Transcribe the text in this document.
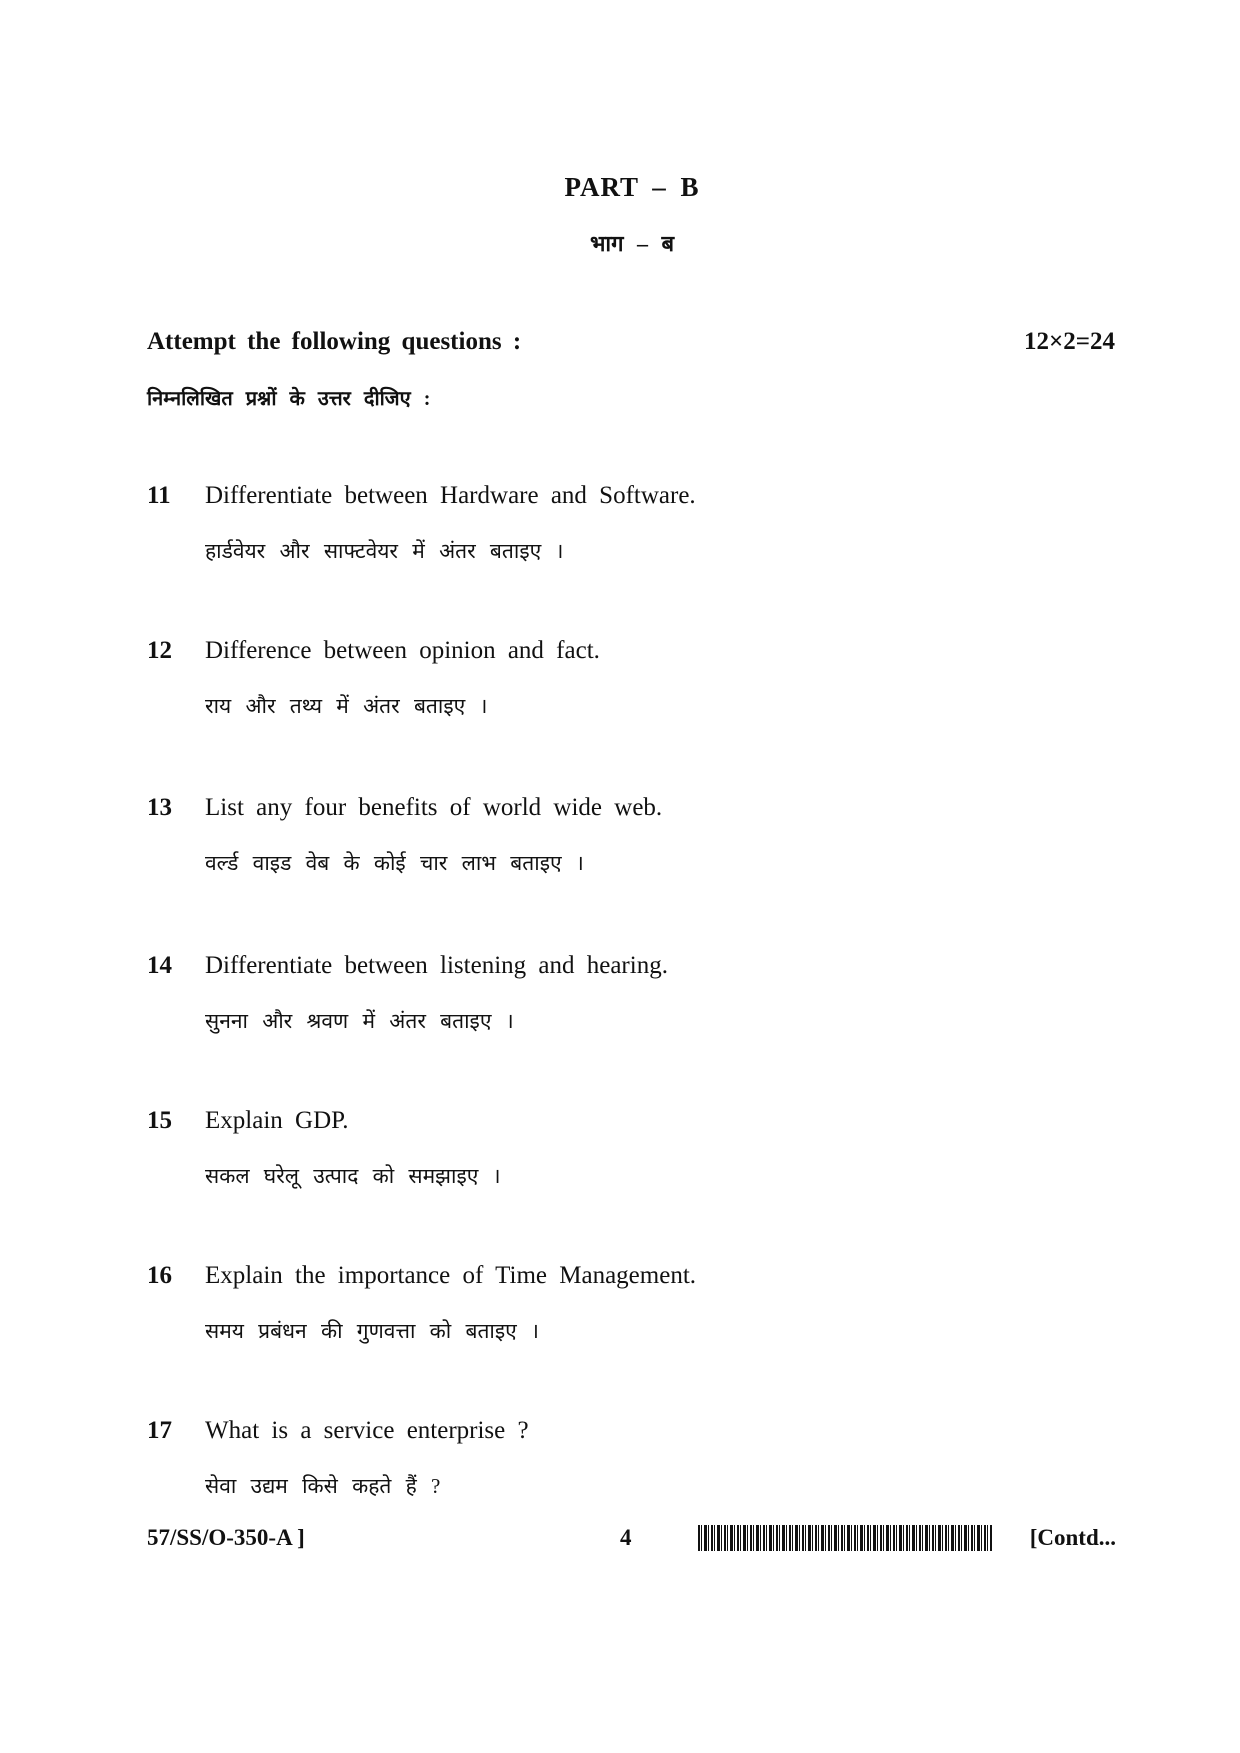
PART – B
भाग – ब
Attempt the following questions :	12×2=24
निम्नलिखित प्रश्नों के उत्तर दीजिए :
11 Differentiate between Hardware and Software.
हार्डवेयर और साफ्टवेयर में अंतर बताइए ।
12 Difference between opinion and fact.
राय और तथ्य में अंतर बताइए ।
13 List any four benefits of world wide web.
वर्ल्ड वाइड वेब के कोई चार लाभ बताइए ।
14 Differentiate between listening and hearing.
सुनना और श्रवण में अंतर बताइए ।
15 Explain GDP.
सकल घरेलू उत्पाद को समझाइए ।
16 Explain the importance of Time Management.
समय प्रबंधन की गुणवत्ता को बताइए ।
17 What is a service enterprise ?
सेवा उद्यम किसे कहते हैं ?
57/SS/O-350-A ]	4	[Contd...
